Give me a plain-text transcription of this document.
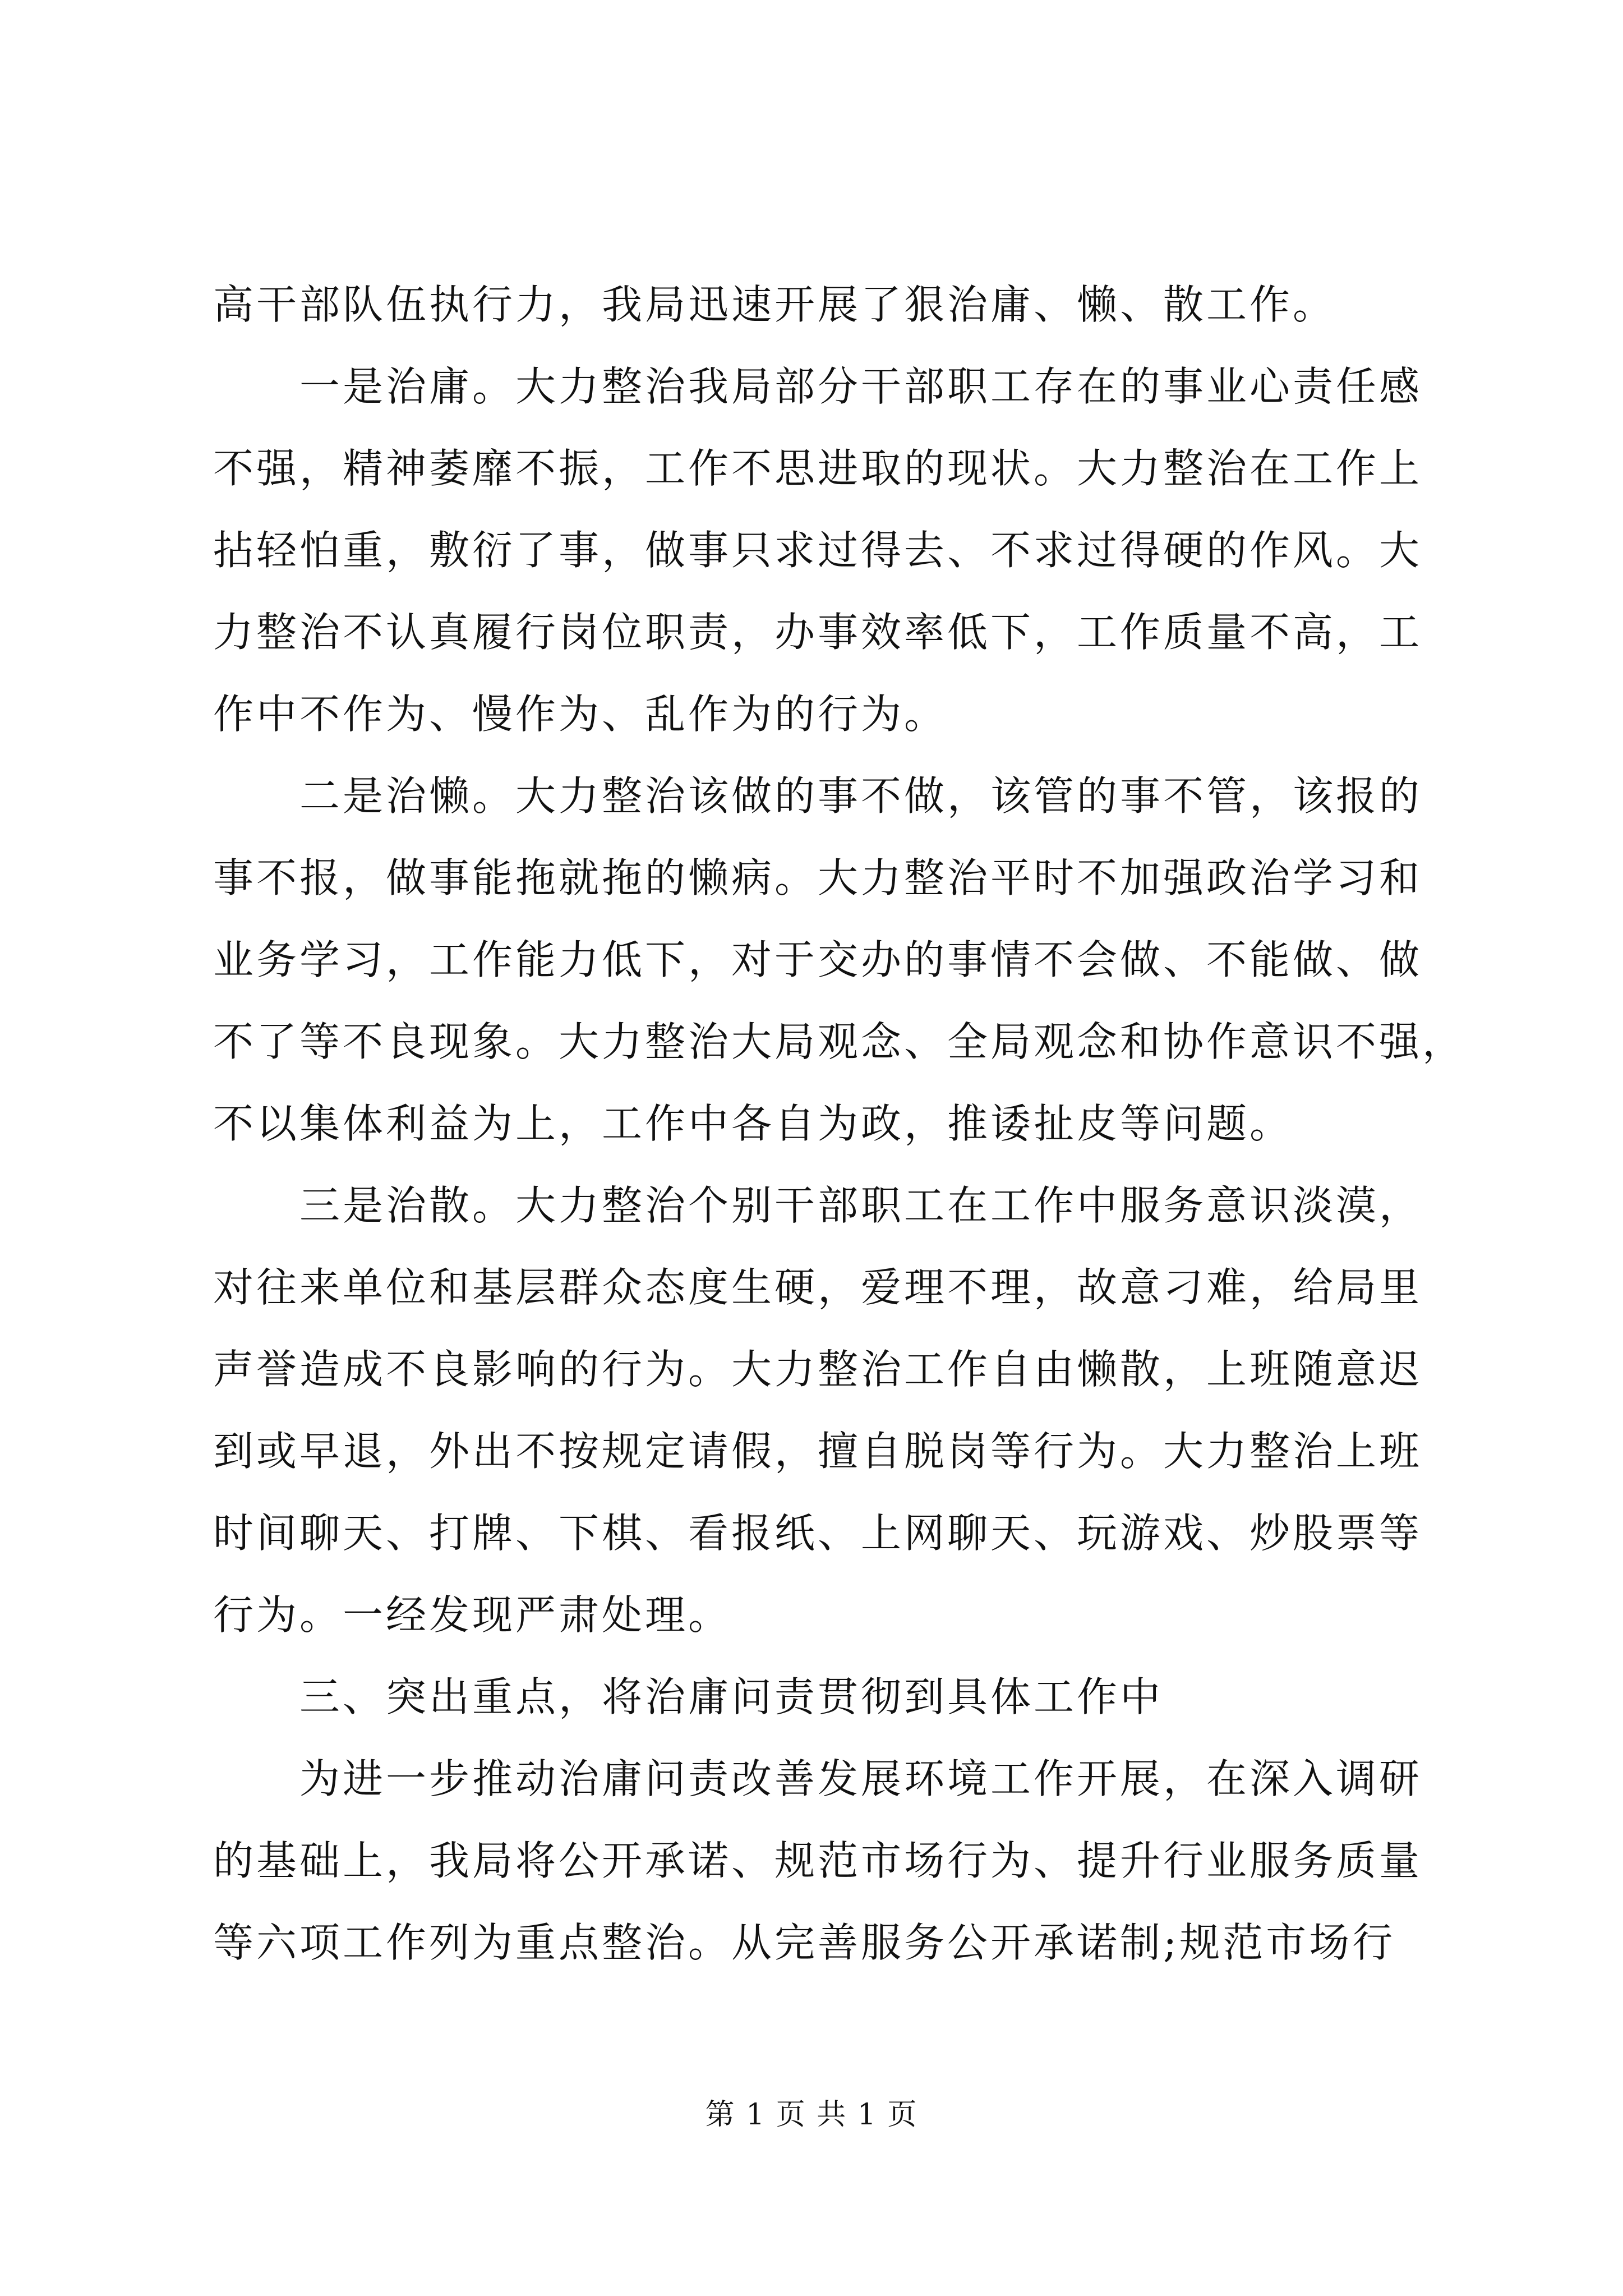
高干部队伍执行力，我局迅速开展了狠治庸、懒、散工作。
一是治庸。大力整治我局部分干部职工存在的事业心责任感
不强，精神萎靡不振，工作不思进取的现状。大力整治在工作上
拈轻怕重，敷衍了事，做事只求过得去、不求过得硬的作风。大
力整治不认真履行岗位职责，办事效率低下，工作质量不高，工
作中不作为、慢作为、乱作为的行为。
二是治懒。大力整治该做的事不做，该管的事不管，该报的
事不报，做事能拖就拖的懒病。大力整治平时不加强政治学习和
业务学习，工作能力低下，对于交办的事情不会做、不能做、做
不了等不良现象。大力整治大局观念、全局观念和协作意识不强，
不以集体利益为上，工作中各自为政，推诿扯皮等问题。
三是治散。大力整治个别干部职工在工作中服务意识淡漠，
对往来单位和基层群众态度生硬，爱理不理，故意刁难，给局里
声誉造成不良影响的行为。大力整治工作自由懒散，上班随意迟
到或早退，外出不按规定请假，擅自脱岗等行为。大力整治上班
时间聊天、打牌、下棋、看报纸、上网聊天、玩游戏、炒股票等
行为。一经发现严肃处理。
三、突出重点，将治庸问责贯彻到具体工作中
为进一步推动治庸问责改善发展环境工作开展，在深入调研
的基础上，我局将公开承诺、规范市场行为、提升行业服务质量
等六项工作列为重点整治。从完善服务公开承诺制;规范市场行
第 1 页 共 1 页
